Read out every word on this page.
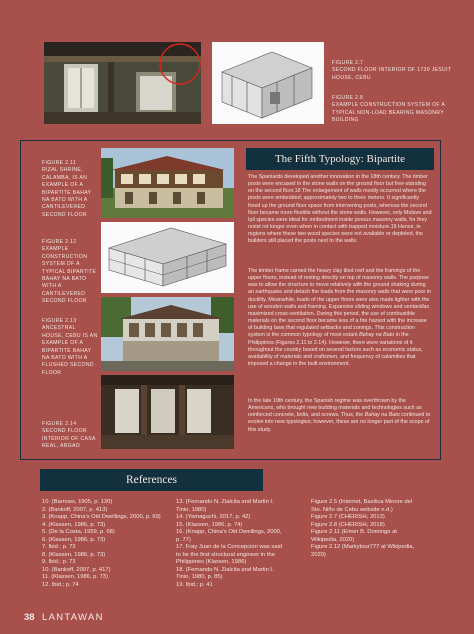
FIGURE 2.7
SECOND FLOOR INTERIOR OF 1730 JESUIT HOUSE, CEBU
FIGURE 2.8
EXAMPLE CONSTRUCTION SYSTEM OF A TYPICAL NON-LOAD BEARING MASONRY BUILDING
FIGURE 2.11
RIZAL SHRINE, CALAMBA, IS AN EXAMPLE OF A BIPARTITE BAHAY NA BATO WITH A CANTILEVERED SECOND FLOOR
FIGURE 2.12
EXAMPLE CONSTRUCTION SYSTEM OF A TYPICAL BIPARTITE BAHAY NA BATO WITH A CANTILEVERED SECOND FLOOR
FIGURE 2.13
ANCESTRAL HOUSE, CEBU IS AN EXAMPLE OF A BIPARTITE BAHAY NA BATO WITH A FLUSHED SECOND FLOOR
FIGURE 2.14
SECOND FLOOR INTERIOR OF CASA REAL, ARGAO
The Fifth Typology: Bipartite

The Spaniards developed another innovation in the 18th century. The timber posts were encased in the stone walls on the ground floor but free-standing on the second floor.18 The enlargement of walls mostly occurred where the posts were embedded; approximately two to three meters. It significantly freed up the ground floor space from intervening posts, whereas the second floor became more flexible without the stone walls. However, only Molave and Ipil species were ideal for embedment inside porous masonry walls, for they resist rot longer even when in contact with trapped moisture.19 Hence, in regions where these two wood species were not available or depleted, the builders still placed the posts next to the walls.

The timber frame carried the heavy clay tiled roof and the framings of the upper floors, instead of resting directly on top of masonry walls. The purpose was to allow the structure to move relatively with the ground shaking during an earthquake and detach the loads from the masonry walls that were poor in ductility. Meanwhile, loads of the upper floors were also made lighter with the use of wooden walls and framing. Expansive sliding windows and ventanillas maximized cross-ventilation. During this period, the use of combustible materials on the second floor became less of a fire hazard with the increase of building laws that regulated setbacks and zonings. This construction system is the common typology of most extant Bahay na Bato in the Philippines (Figures 2.11 to 2.14). However, there were variations of it throughout the country based on several factors such as economic status, availability of materials and craftsmen, and frequency of calamities that imposed a change in the built environment.

In the late 19th century, the Spanish regime was overthrown by the Americans, who brought new building materials and technologies such as reinforced concrete, bolts, and screws. Thus, the Bahay na Bato continued to evolve into new typologies; however, these are no longer part of the scope of this study.

References
10. (Barrows, 1905, p. 130)
2. (Bankoff, 2007, p. 413)
3. (Knapp, China's Old Dwellings, 2000, p. 69)
4. (Klassen, 1986, p. 73)
5. (De la Costa, 1959, p. 68)
6. (Klassen, 1986, p. 73)
7. Ibid.; p. 73
8. (Klassen, 1986, p. 73)
9. Ibid.; p. 73
10. (Bankoff, 2007, p. 417)
11. (Klassen, 1986, p. 73)
12. Ibid.; p. 74
13. (Fernando N. Zialcita and Martin I.
Tinio, 1980)
14. (Yamaguchi, 2017, p. 42)
15. (Klassen, 1986, p. 74)
16. (Knapp, China's Old Dwellings, 2000,
p. 77)
17. Fray Juan de la Concepcion was said
to be the first structural engineer in the
Philippines (Klassen, 1986)
18. (Fernando N. Zialcita and Martin I.
Tinio, 1980, p. 85)
19. Ibid.; p. 41
Figure 2.5 (Internet, Basilica Minore del
Sto. Niño de Cebu website n.d.)
Figure 2.7 (CHERISH, 2013)
Figure 2.8 (CHERISH, 2018)
Figure 2.11 (Elmer B. Domingo at
Wikipedia, 2020)
Figure 2.12 (Markytour777 at Wikipedia,
2020)
38 LANTAWAN
